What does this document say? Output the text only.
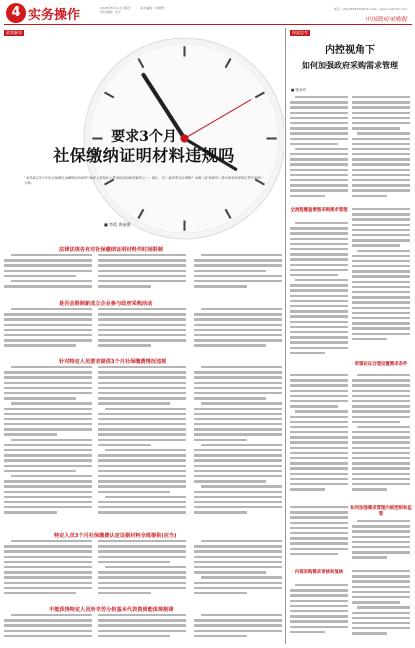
4 实务操作	2026年8月11日 星期二
责任编辑：李正
美术编辑：李敏慧	电话：(010)68393899 E-mail：zgcmcn@163.com
中国政府采购报
政策解读
要求3个月
社保缴纳证明材料违规吗
“事先指定3个月社会保障资金缴纳证明材料”算得上是投标人常见的证明材料要求之一。那么，这一要求是否合理呢？本期《实务操作》将从相关法规规定等方面逐一分析。
■ 李霞 黄丽娜
法律法规各有对社保缴纳证明材料作时间限制
是否会限制新成立企业参与政府采购活动
针对特定人员要求提供3个月社保缴费情况违规
特定人员3个月社保缴费认定证据材料全部提供(应当)
不能获得特定人员所辛苦分担基本代表资质能体规格律
探索思考
内控视角下
如何加强政府采购需求管理
■ 张冰玲
全流程覆盖增强采购需求管理
审慎论证合理设置需求条件
如何加强需求管理内部控制和监管
内部采购需求审核和复核
